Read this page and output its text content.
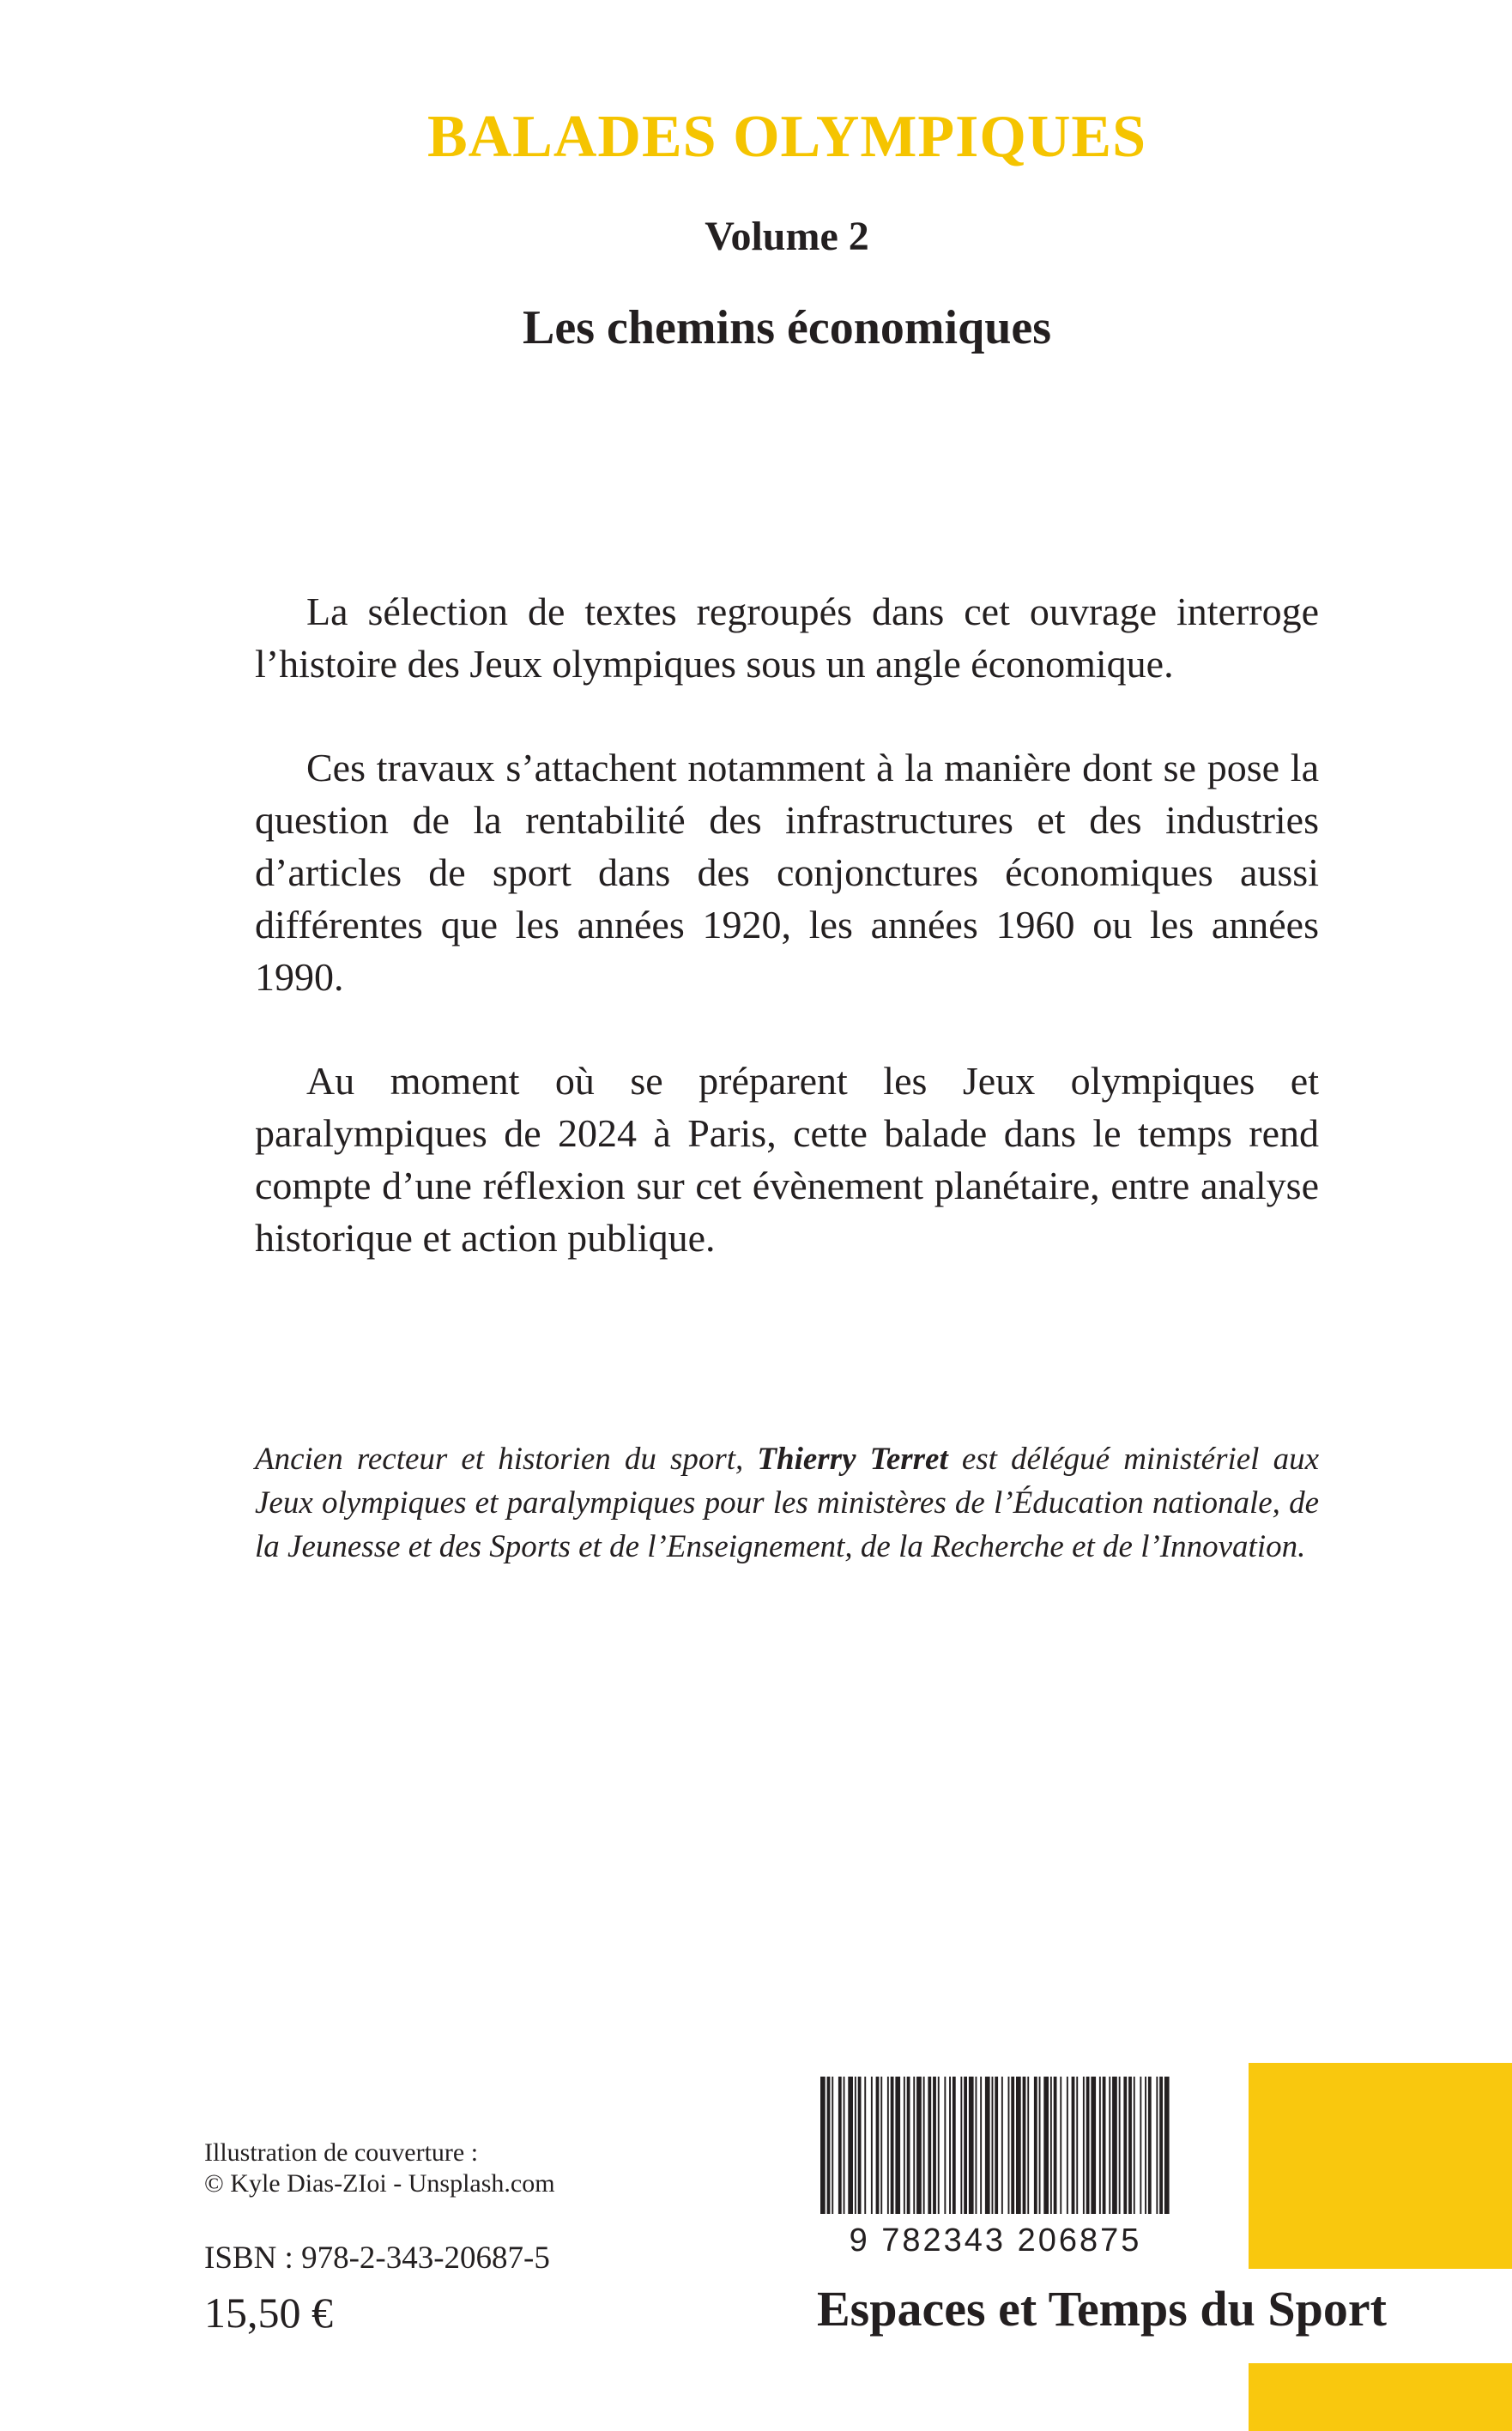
BALADES OLYMPIQUES
Volume 2
Les chemins économiques

La sélection de textes regroupés dans cet ouvrage interroge l’histoire des Jeux olympiques sous un angle économique.

Ces travaux s’attachent notamment à la manière dont se pose la question de la rentabilité des infrastructures et des industries d’articles de sport dans des conjonctures économiques aussi différentes que les années 1920, les années 1960 ou les années 1990.

Au moment où se préparent les Jeux olympiques et paralympiques de 2024 à Paris, cette balade dans le temps rend compte d’une réflexion sur cet évènement planétaire, entre analyse historique et action publique.

Ancien recteur et historien du sport, Thierry Terret est délégué ministériel aux Jeux olympiques et paralympiques pour les ministères de l’Éducation nationale, de la Jeunesse et des Sports et de l’Enseignement, de la Recherche et de l’Innovation.
Illustration de couverture :
© Kyle Dias-ZIoi - Unsplash.com
ISBN : 978-2-343-20687-5
15,50 €
9 782343 206875
Espaces et Temps du Sport
